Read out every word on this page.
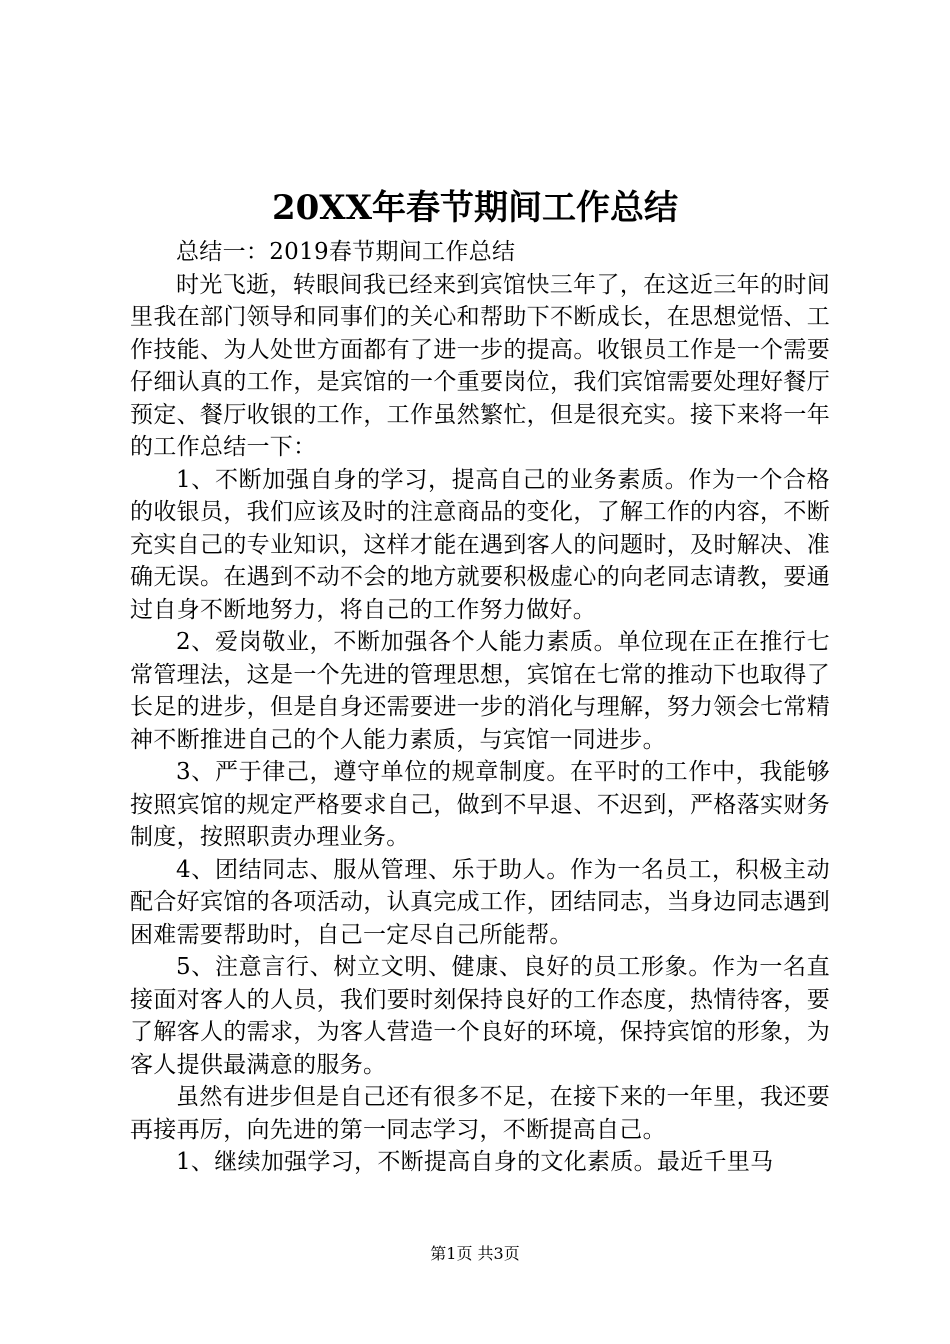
20XX年春节期间工作总结

总结一：2019春节期间工作总结

时光飞逝，转眼间我已经来到宾馆快三年了，在这近三年的时间里我在部门领导和同事们的关心和帮助下不断成长，在思想觉悟、工作技能、为人处世方面都有了进一步的提高。收银员工作是一个需要仔细认真的工作，是宾馆的一个重要岗位，我们宾馆需要处理好餐厅预定、餐厅收银的工作，工作虽然繁忙，但是很充实。接下来将一年的工作总结一下：

1、不断加强自身的学习，提高自己的业务素质。作为一个合格的收银员，我们应该及时的注意商品的变化，了解工作的内容，不断充实自己的专业知识，这样才能在遇到客人的问题时，及时解决、准确无误。在遇到不动不会的地方就要积极虚心的向老同志请教，要通过自身不断地努力，将自己的工作努力做好。

2、爱岗敬业，不断加强各个人能力素质。单位现在正在推行七常管理法，这是一个先进的管理思想，宾馆在七常的推动下也取得了长足的进步，但是自身还需要进一步的消化与理解，努力领会七常精神不断推进自己的个人能力素质，与宾馆一同进步。

3、严于律己，遵守单位的规章制度。在平时的工作中，我能够按照宾馆的规定严格要求自己，做到不早退、不迟到，严格落实财务制度，按照职责办理业务。

4、团结同志、服从管理、乐于助人。作为一名员工，积极主动配合好宾馆的各项活动，认真完成工作，团结同志，当身边同志遇到困难需要帮助时，自己一定尽自己所能帮。

5、注意言行、树立文明、健康、良好的员工形象。作为一名直接面对客人的人员，我们要时刻保持良好的工作态度，热情待客，要了解客人的需求，为客人营造一个良好的环境，保持宾馆的形象，为客人提供最满意的服务。

虽然有进步但是自己还有很多不足，在接下来的一年里，我还要再接再厉，向先进的第一同志学习，不断提高自己。

1、继续加强学习，不断提高自身的文化素质。最近千里马

第1页 共3页
